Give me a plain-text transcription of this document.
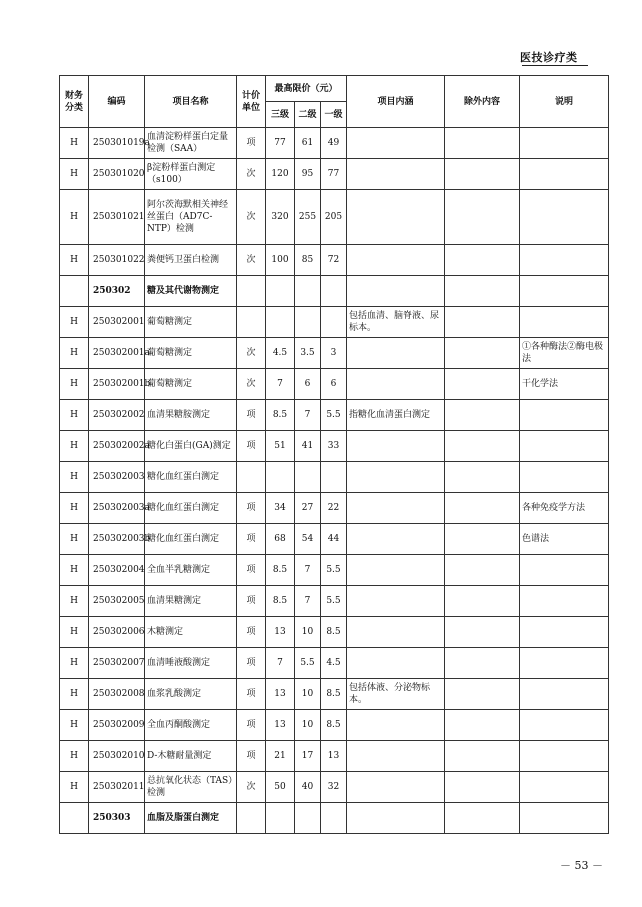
医技诊疗类
财务分类	编码	项目名称	计价单位	最高限价（元）			项目内涵	除外内容	说明
				三级	二级	一级			
H	250301019a	血清淀粉样蛋白定量检测（SAA）	项	77	61	49			
H	250301020	β淀粉样蛋白测定（s100）	次	120	95	77			
H	250301021	阿尔茨海默相关神经丝蛋白（AD7C-NTP）检测	次	320	255	205			
H	250301022	粪便钙卫蛋白检测	次	100	85	72			
	250302	糖及其代谢物测定							
H	250302001	葡萄糖测定					包括血清、脑脊液、尿标本。		
H	250302001a	葡萄糖测定	次	4.5	3.5	3			①各种酶法②酶电极法
H	250302001b	葡萄糖测定	次	7	6	6			干化学法
H	250302002	血清果糖胺测定	项	8.5	7	5.5	指糖化血清蛋白测定		
H	250302002a	糖化白蛋白(GA)测定	项	51	41	33			
H	250302003	糖化血红蛋白测定							
H	250302003a	糖化血红蛋白测定	项	34	27	22			各种免疫学方法
H	250302003b	糖化血红蛋白测定	项	68	54	44			色谱法
H	250302004	全血半乳糖测定	项	8.5	7	5.5			
H	250302005	血清果糖测定	项	8.5	7	5.5			
H	250302006	木糖测定	项	13	10	8.5			
H	250302007	血清唾液酸测定	项	7	5.5	4.5			
H	250302008	血浆乳酸测定	项	13	10	8.5	包括体液、分泌物标本。		
H	250302009	全血丙酮酸测定	项	13	10	8.5			
H	250302010	D-木糖耐量测定	项	21	17	13			
H	250302011	总抗氧化状态（TAS）检测	次	50	40	32			
	250303	血脂及脂蛋白测定							
－ 53 －
